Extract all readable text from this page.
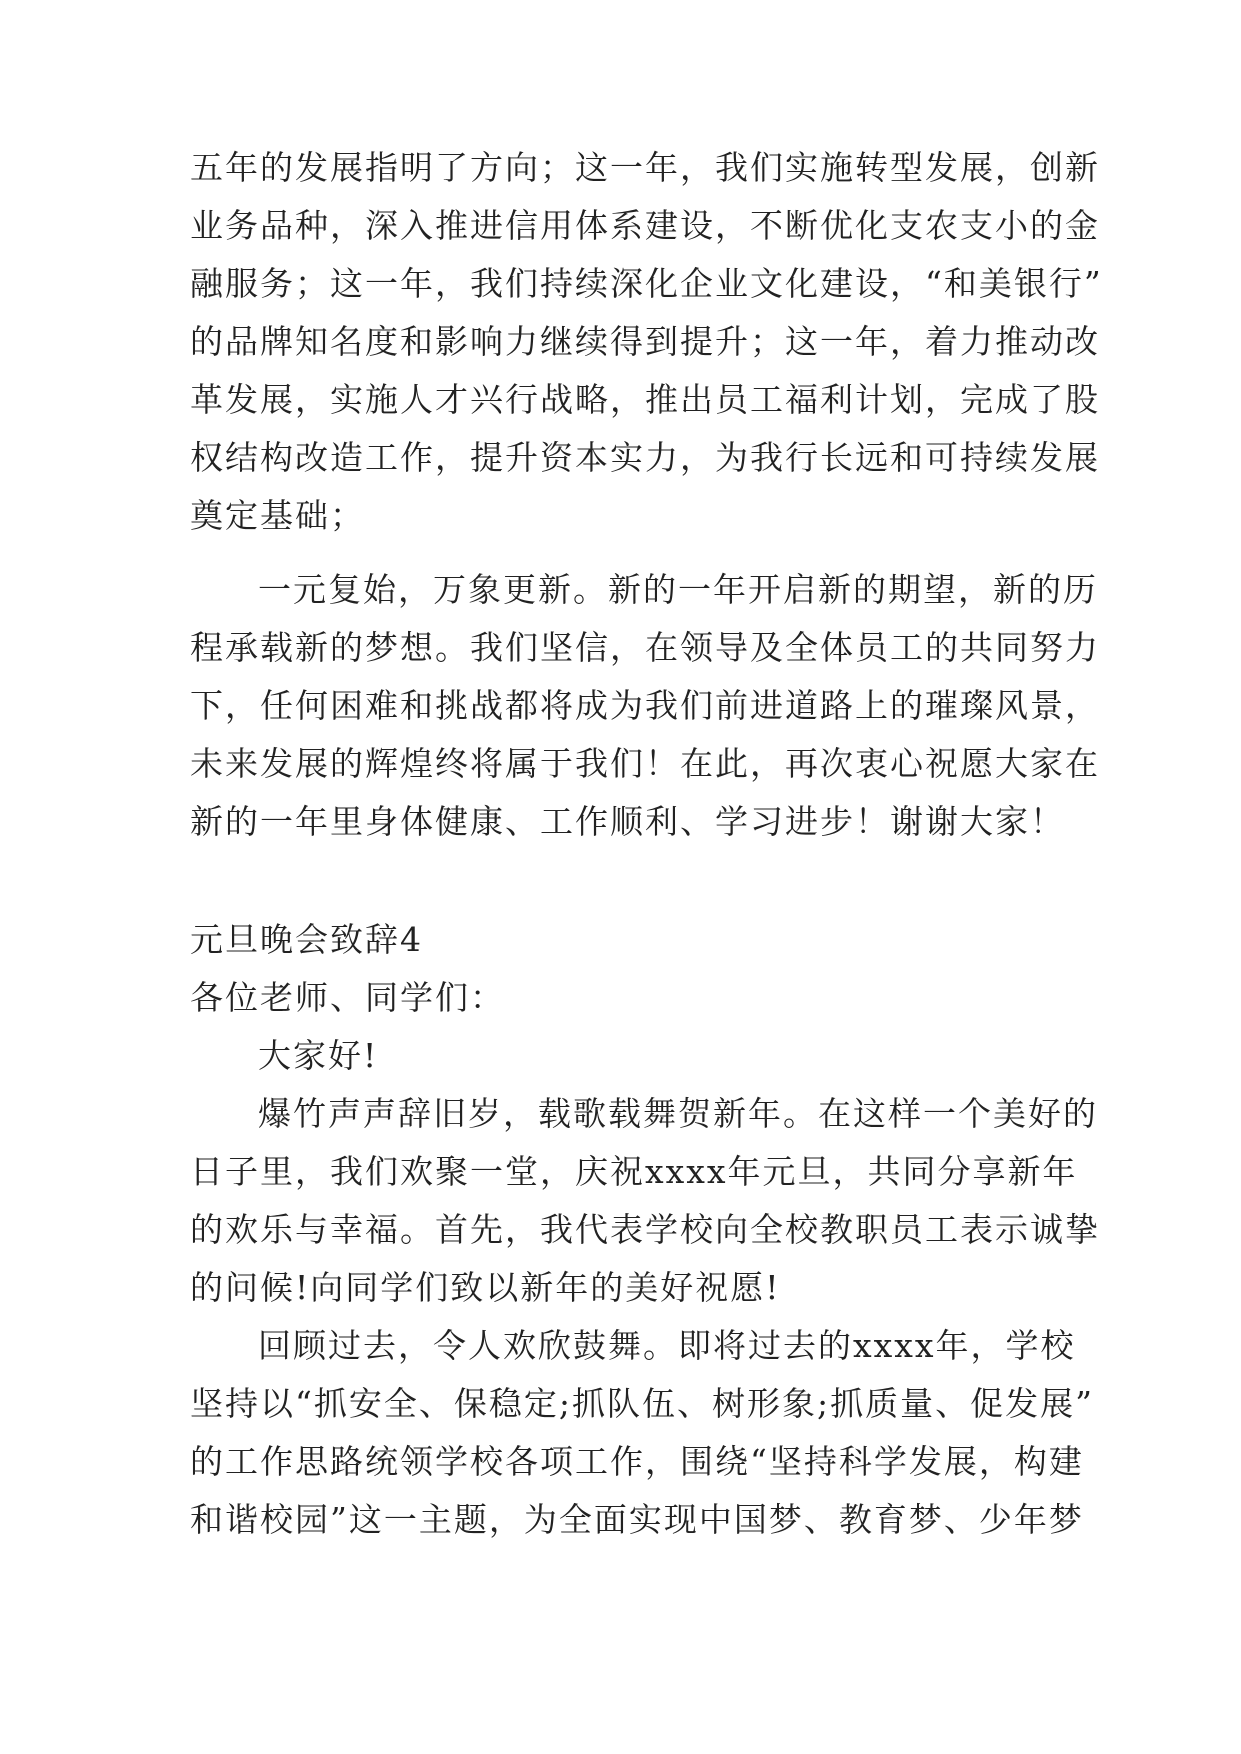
五年的发展指明了方向；这一年，我们实施转型发展，创新
业务品种，深入推进信用体系建设，不断优化支农支小的金
融服务；这一年，我们持续深化企业文化建设，“和美银行”
的品牌知名度和影响力继续得到提升；这一年，着力推动改
革发展，实施人才兴行战略，推出员工福利计划，完成了股
权结构改造工作，提升资本实力，为我行长远和可持续发展
奠定基础；
一元复始，万象更新。新的一年开启新的期望，新的历
程承载新的梦想。我们坚信，在领导及全体员工的共同努力
下，任何困难和挑战都将成为我们前进道路上的璀璨风景，
未来发展的辉煌终将属于我们！在此，再次衷心祝愿大家在
新的一年里身体健康、工作顺利、学习进步！谢谢大家！
元旦晚会致辞4
各位老师、同学们：
大家好!
爆竹声声辞旧岁，载歌载舞贺新年。在这样一个美好的
日子里，我们欢聚一堂，庆祝xxxx年元旦，共同分享新年
的欢乐与幸福。首先，我代表学校向全校教职员工表示诚挚
的问候!向同学们致以新年的美好祝愿!
回顾过去，令人欢欣鼓舞。即将过去的xxxx年，学校
坚持以“抓安全、保稳定;抓队伍、树形象;抓质量、促发展”
的工作思路统领学校各项工作，围绕“坚持科学发展，构建
和谐校园”这一主题，为全面实现中国梦、教育梦、少年梦
